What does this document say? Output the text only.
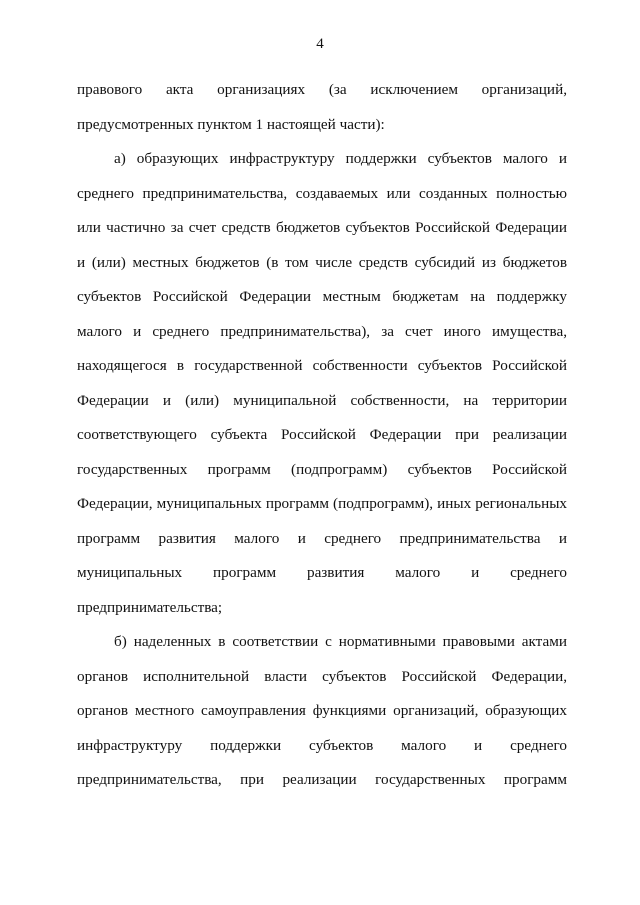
4
правового акта организациях (за исключением организаций,
предусмотренных пунктом 1 настоящей части):
а) образующих инфраструктуру поддержки субъектов малого и
среднего предпринимательства, создаваемых или созданных полностью
или частично за счет средств бюджетов субъектов Российской Федерации
и (или) местных бюджетов (в том числе средств субсидий из бюджетов
субъектов Российской Федерации местным бюджетам на поддержку
малого и среднего предпринимательства), за счет иного имущества,
находящегося в государственной собственности субъектов Российской
Федерации и (или) муниципальной собственности, на территории
соответствующего субъекта Российской Федерации при реализации
государственных программ (подпрограмм) субъектов Российской
Федерации, муниципальных программ (подпрограмм), иных региональных
программ развития малого и среднего предпринимательства и
муниципальных программ развития малого и среднего
предпринимательства;
б) наделенных в соответствии с нормативными правовыми актами
органов исполнительной власти субъектов Российской Федерации,
органов местного самоуправления функциями организаций, образующих
инфраструктуру поддержки субъектов малого и среднего
предпринимательства, при реализации государственных программ
